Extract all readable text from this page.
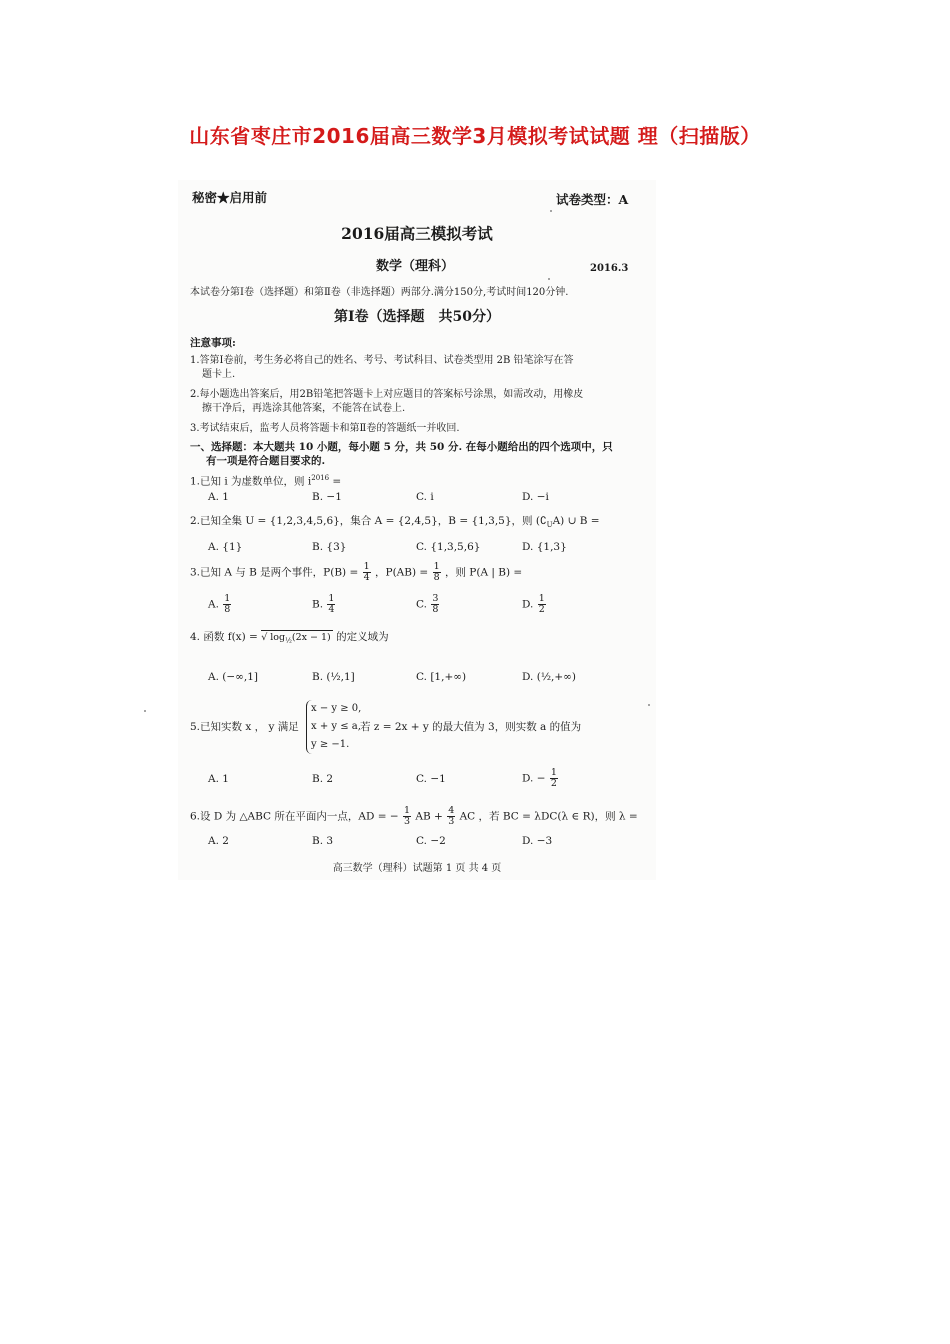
山东省枣庄市2016届高三数学3月模拟考试试题 理（扫描版）
秘密★启用前	试卷类型：A
2016届高三模拟考试
数学（理科）	2016.3
本试卷分第Ⅰ卷（选择题）和第Ⅱ卷（非选择题）两部分.满分150分,考试时间120分钟.
第Ⅰ卷（选择题　共50分）
注意事项:
1.答第Ⅰ卷前，考生务必将自己的姓名、考号、考试科目、试卷类型用 2B 铅笔涂写在答
题卡上.
2.每小题选出答案后，用2B铅笔把答题卡上对应题目的答案标号涂黑，如需改动，用橡皮
擦干净后，再选涂其他答案，不能答在试卷上.
3.考试结束后，监考人员将答题卡和第Ⅱ卷的答题纸一并收回.
一、选择题：本大题共 10 小题，每小题 5 分，共 50 分. 在每小题给出的四个选项中，只
有一项是符合题目要求的.
1.已知 i 为虚数单位，则 $i^{2016}$ =
A. 1	B. −1	C. i	D. −i
2.已知全集 U = {1,2,3,4,5,6}，集合 A = {2,4,5}，B = {1,3,5}，则 $(∁_UA)$ ∪ B =
A. {1}	B. {3}	C. {1,3,5,6}	D. {1,3}
3.已知 A 与 B 是两个事件，$P(B) = \frac{1}{4}$ ，$P(AB) = \frac{1}{8}$ ，则 P(A | B) =
A. $\frac{1}{8}$	B. $\frac{1}{4}$	C. $\frac{3}{8}$	D. $\frac{1}{2}$
4. 函数 f(x) = √ $\log_{\frac{1}{2}}(2x - 1)$ 的定义域为
A. (−∞,1]	B. (½,1]	C. [1,+∞)	D. (½,+∞)
5.已知实数 x ， y 满足
x − y ≥ 0,
x + y ≤ a,
y ≥ −1.
若 z = 2x + y 的最大值为 3，则实数 a 的值为
A. 1	B. 2	C. −1	D. − $\frac{1}{2}$
6.设 D 为 △ABC 所在平面内一点，AD = − $\frac{1}{3}$ AB + $\frac{4}{3}$ AC ，若 BC = λDC(λ ∈ R)，则 λ =
A. 2	B. 3	C. −2	D. −3
高三数学（理科）试题第 1 页 共 4 页
